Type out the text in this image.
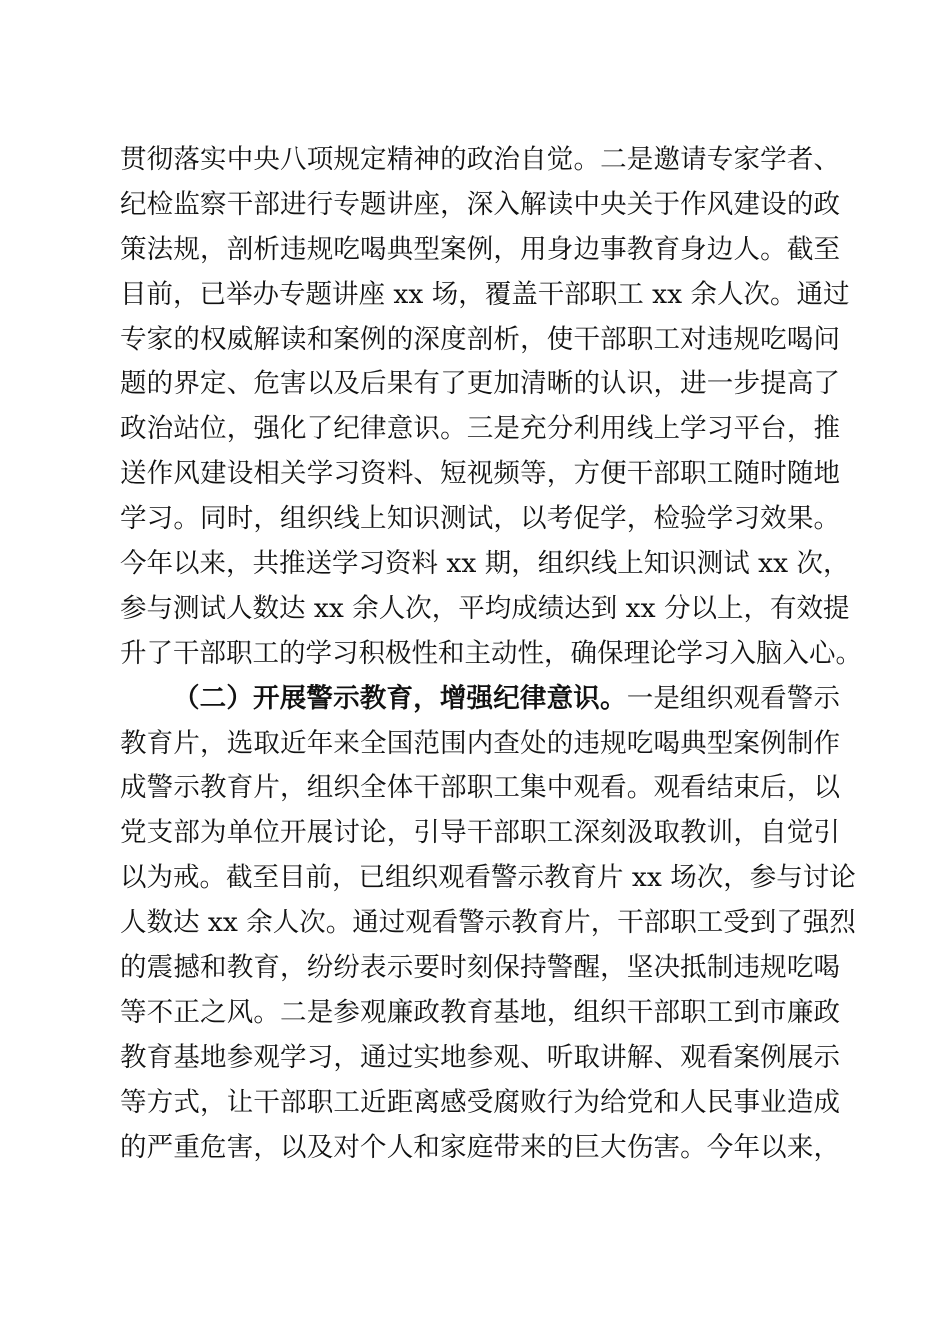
贯彻落实中央八项规定精神的政治自觉。二是邀请专家学者、
纪检监察干部进行专题讲座，深入解读中央关于作风建设的政
策法规，剖析违规吃喝典型案例，用身边事教育身边人。截至
目前，已举办专题讲座 xx 场，覆盖干部职工 xx 余人次。通过
专家的权威解读和案例的深度剖析，使干部职工对违规吃喝问
题的界定、危害以及后果有了更加清晰的认识，进一步提高了
政治站位，强化了纪律意识。三是充分利用线上学习平台，推
送作风建设相关学习资料、短视频等，方便干部职工随时随地
学习。同时，组织线上知识测试，以考促学，检验学习效果。
今年以来，共推送学习资料 xx 期，组织线上知识测试 xx 次，
参与测试人数达 xx 余人次，平均成绩达到 xx 分以上，有效提
升了干部职工的学习积极性和主动性，确保理论学习入脑入心。
（二）开展警示教育，增强纪律意识。一是组织观看警示
教育片，选取近年来全国范围内查处的违规吃喝典型案例制作
成警示教育片，组织全体干部职工集中观看。观看结束后，以
党支部为单位开展讨论，引导干部职工深刻汲取教训，自觉引
以为戒。截至目前，已组织观看警示教育片 xx 场次，参与讨论
人数达 xx 余人次。通过观看警示教育片，干部职工受到了强烈
的震撼和教育，纷纷表示要时刻保持警醒，坚决抵制违规吃喝
等不正之风。二是参观廉政教育基地，组织干部职工到市廉政
教育基地参观学习，通过实地参观、听取讲解、观看案例展示
等方式，让干部职工近距离感受腐败行为给党和人民事业造成
的严重危害，以及对个人和家庭带来的巨大伤害。今年以来，
